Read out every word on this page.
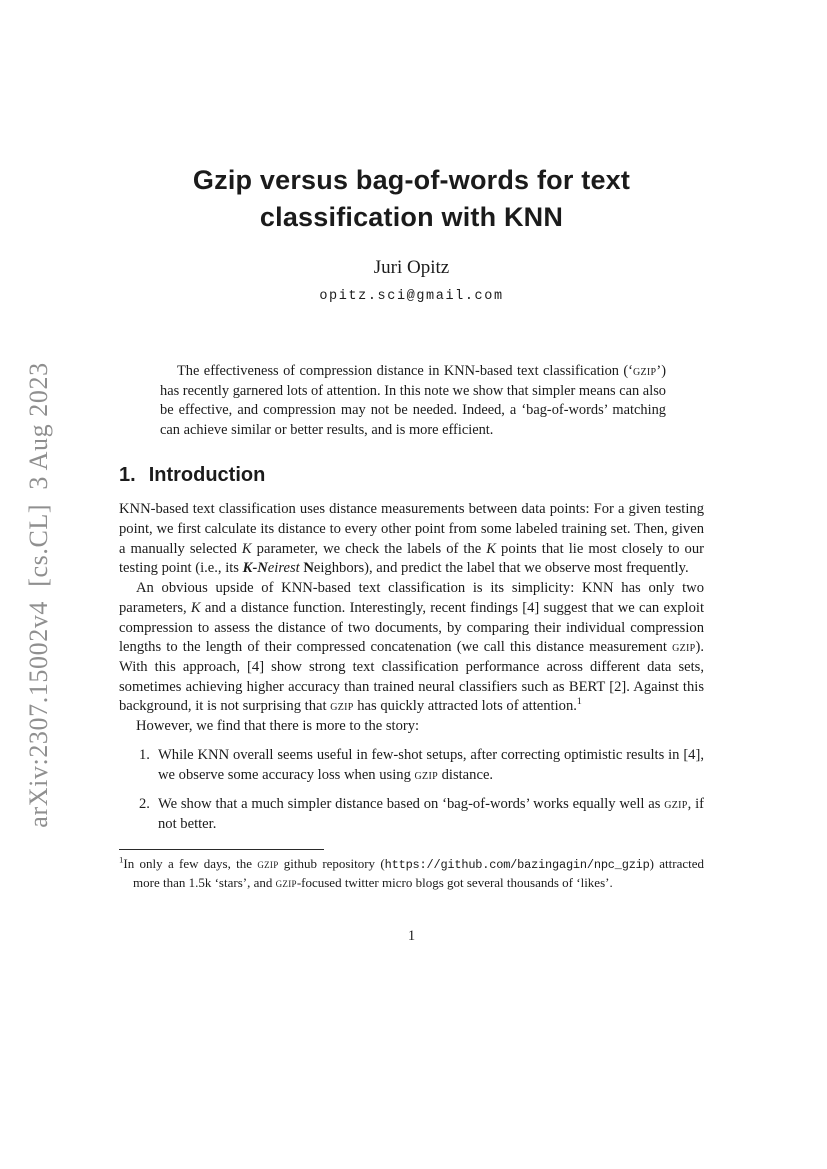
arXiv:2307.15002v4  [cs.CL]  3 Aug 2023
Gzip versus bag-of-words for text
classification with KNN
Juri Opitz
opitz.sci@gmail.com
The effectiveness of compression distance in KNN-based text classification (‘gzip’) has recently garnered lots of attention. In this note we show that simpler means can also be effective, and compression may not be needed. Indeed, a ‘bag-of-words’ matching can achieve similar or better results, and is more efficient.
1. Introduction

KNN-based text classification uses distance measurements between data points: For a given testing point, we first calculate its distance to every other point from some labeled training set. Then, given a manually selected K parameter, we check the labels of the K points that lie most closely to our testing point (i.e., its K-Neirest Neighbors), and predict the label that we observe most frequently.

An obvious upside of KNN-based text classification is its simplicity: KNN has only two parameters, K and a distance function. Interestingly, recent findings [4] suggest that we can exploit compression to assess the distance of two documents, by comparing their individual compression lengths to the length of their compressed concatenation (we call this distance measurement gzip). With this approach, [4] show strong text classification performance across different data sets, sometimes achieving higher accuracy than trained neural classifiers such as BERT [2]. Against this background, it is not surprising that gzip has quickly attracted lots of attention.$^1$

However, we find that there is more to the story:

1. While KNN overall seems useful in few-shot setups, after correcting optimistic results in [4], we observe some accuracy loss when using gzip distance.
2. We show that a much simpler distance based on ‘bag-of-words’ works equally well as gzip, if not better.
$^1$In only a few days, the gzip github repository (https://github.com/bazingagin/npc_gzip) attracted more than 1.5k ‘stars’, and gzip-focused twitter micro blogs got several thousands of ‘likes’.
1
